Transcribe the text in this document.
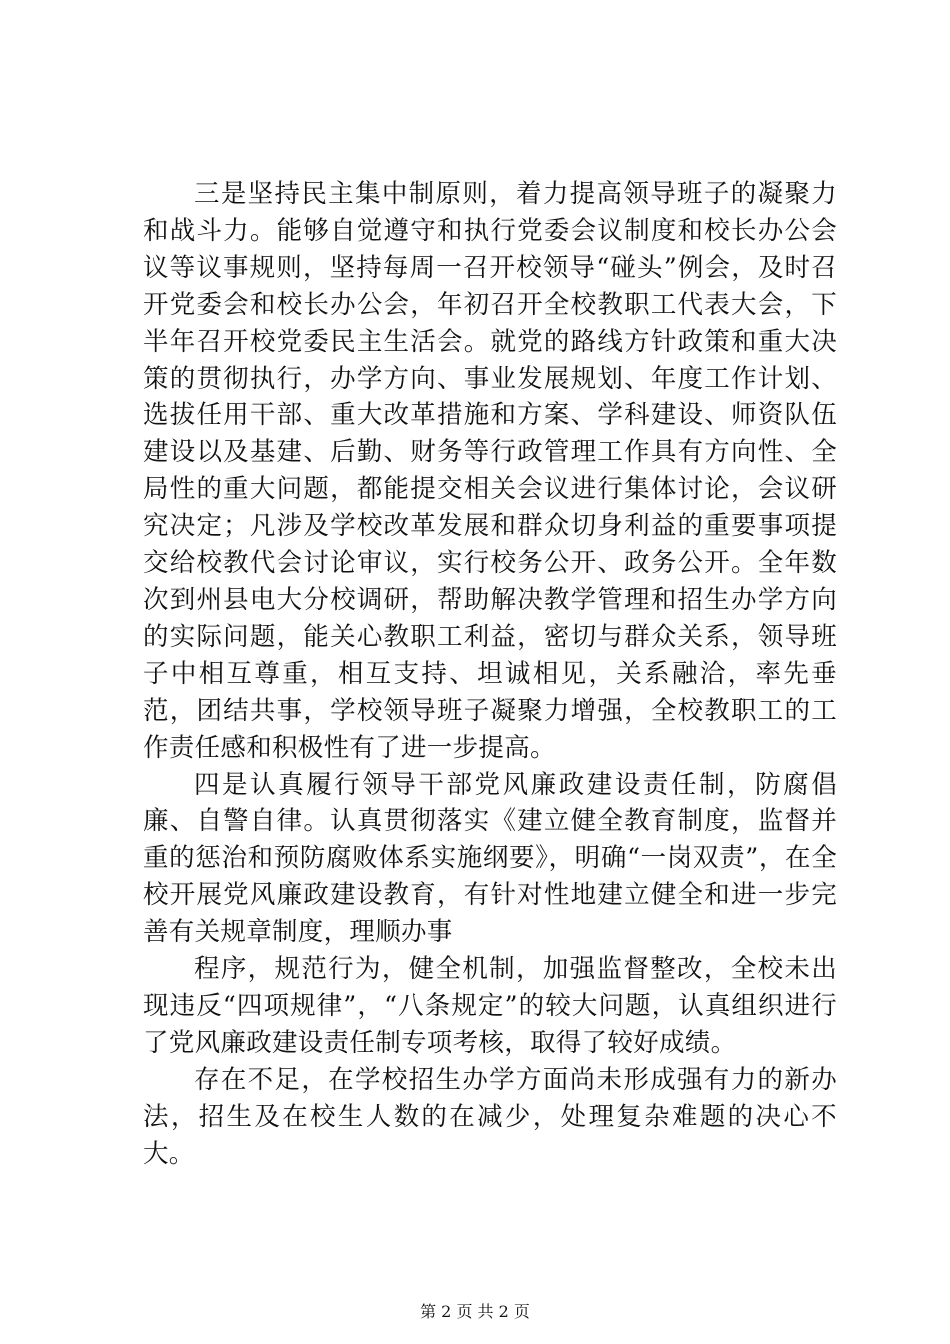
三是坚持民主集中制原则，着力提高领导班子的凝聚力和战斗力。能够自觉遵守和执行党委会议制度和校长办公会议等议事规则，坚持每周一召开校领导“碰头”例会，及时召开党委会和校长办公会，年初召开全校教职工代表大会，下半年召开校党委民主生活会。就党的路线方针政策和重大决策的贯彻执行，办学方向、事业发展规划、年度工作计划、选拔任用干部、重大改革措施和方案、学科建设、师资队伍建设以及基建、后勤、财务等行政管理工作具有方向性、全局性的重大问题，都能提交相关会议进行集体讨论，会议研究决定；凡涉及学校改革发展和群众切身利益的重要事项提交给校教代会讨论审议，实行校务公开、政务公开。全年数次到州县电大分校调研，帮助解决教学管理和招生办学方向的实际问题，能关心教职工利益，密切与群众关系，领导班子中相互尊重，相互支持、坦诚相见，关系融洽，率先垂范，团结共事，学校领导班子凝聚力增强，全校教职工的工作责任感和积极性有了进一步提高。

四是认真履行领导干部党风廉政建设责任制，防腐倡廉、自警自律。认真贯彻落实《建立健全教育制度，监督并重的惩治和预防腐败体系实施纲要》，明确“一岗双责”，在全校开展党风廉政建设教育，有针对性地建立健全和进一步完善有关规章制度，理顺办事

程序，规范行为，健全机制，加强监督整改，全校未出现违反“四项规律”，“八条规定”的较大问题，认真组织进行了党风廉政建设责任制专项考核，取得了较好成绩。

存在不足，在学校招生办学方面尚未形成强有力的新办法，招生及在校生人数的在减少，处理复杂难题的决心不大。

第 2 页 共 2 页
